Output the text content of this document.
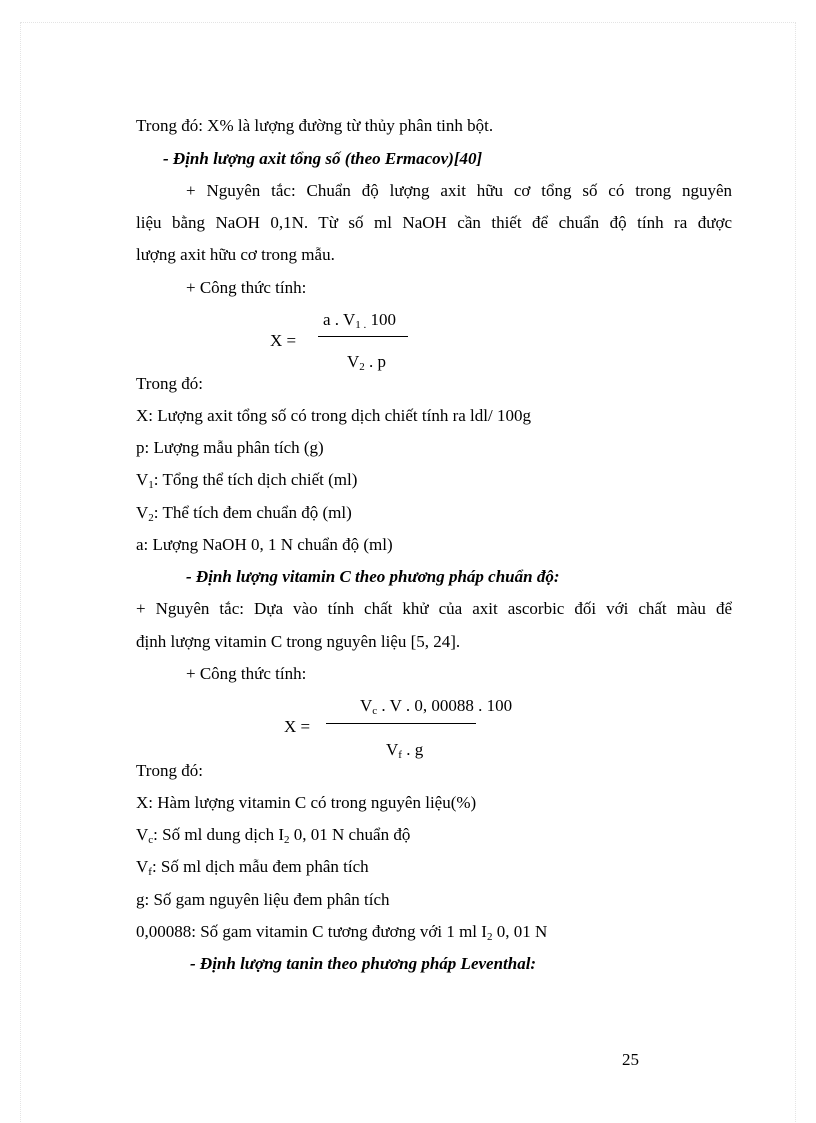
Trong đó: X% là lượng đường từ thủy phân tinh bột.
- Định lượng axit tổng số (theo Ermacov)[40]
+ Nguyên tắc: Chuẩn độ lượng axit hữu cơ tổng số có trong nguyên
liệu bằng NaOH 0,1N. Từ số ml NaOH cần thiết để chuẩn độ tính ra được
lượng axit hữu cơ trong mẫu.
+ Công thức tính:
X =
a . $V_{1 .}$ 100
$V_2$ . p
Trong đó:
X: Lượng axit tổng số có trong dịch chiết tính ra ldl/ 100g
p: Lượng mẫu phân tích (g)
$V_1$: Tổng thể tích dịch chiết (ml)
$V_2$: Thể tích đem chuẩn độ (ml)
a: Lượng NaOH 0, 1 N chuẩn độ (ml)
- Định lượng vitamin C theo phương pháp chuẩn độ:
+ Nguyên tắc: Dựa vào tính chất khử của axit ascorbic đối với chất màu để
định lượng vitamin C trong nguyên liệu [5, 24].
+ Công thức tính:
X =
$V_c$ . V . 0, 00088 . 100
$V_f$ . g
Trong đó:
X: Hàm lượng vitamin C có trong nguyên liệu(%)
$V_c$: Số ml dung dịch $I_2$ 0, 01 N chuẩn độ
$V_f$: Số ml dịch mẫu đem phân tích
g: Số gam nguyên liệu đem phân tích
0,00088: Số gam vitamin C tương đương với 1 ml $I_2$ 0, 01 N
- Định lượng tanin theo phương pháp Leventhal:
25
